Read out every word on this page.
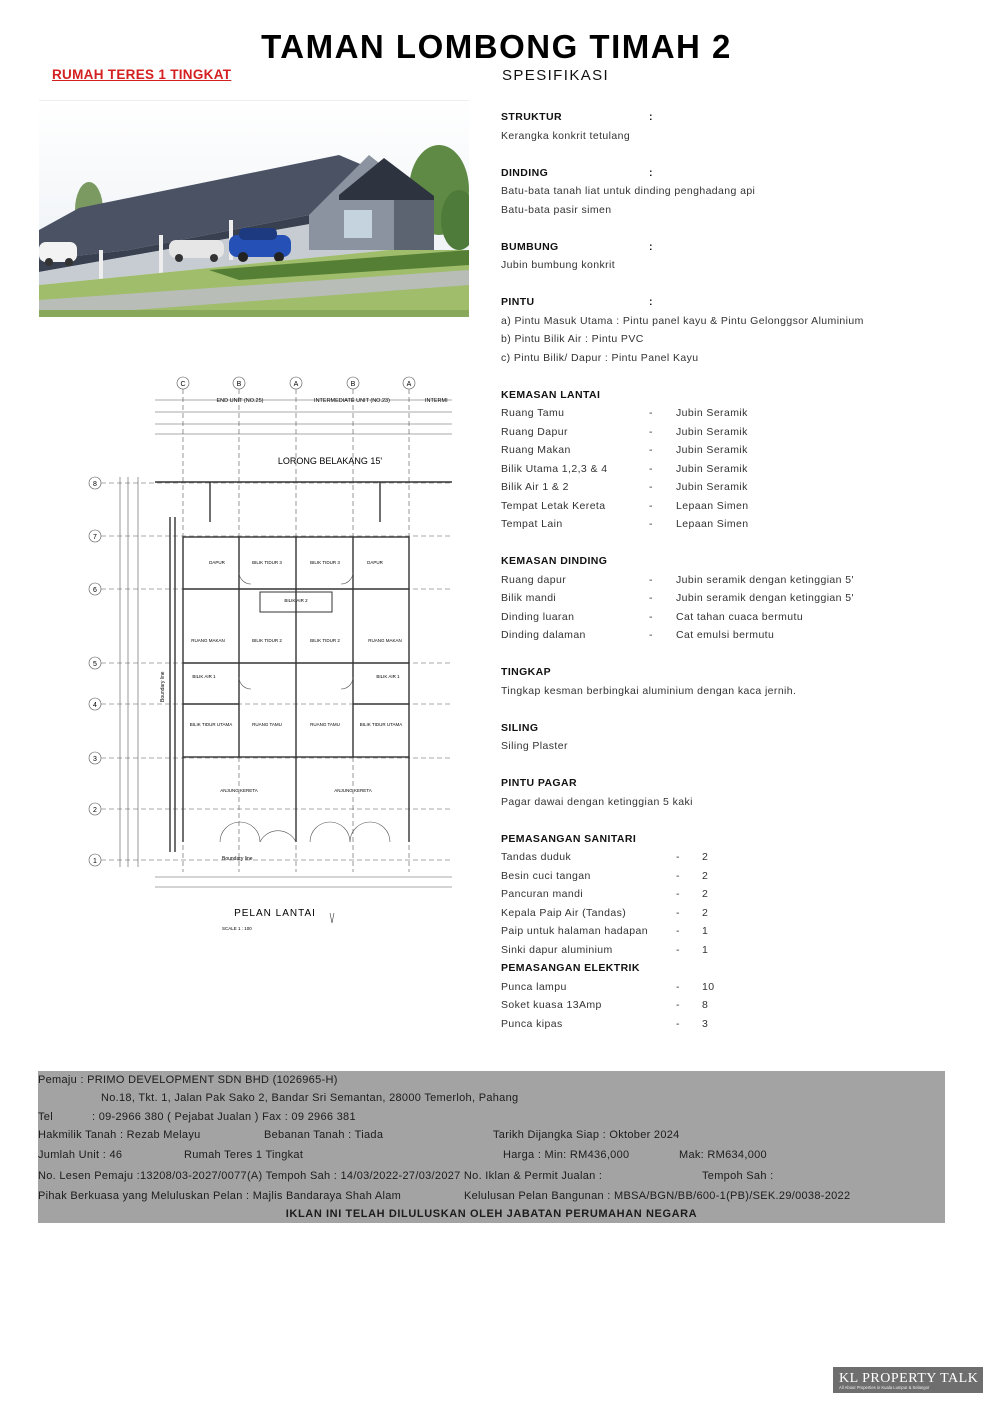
TAMAN LOMBONG TIMAH 2
RUMAH TERES 1 TINGKAT	SPESIFIKASI
C	B	A	B	A
8
7
6
5
4
3
2
1
END UNIT (NO.25)	INTERMEDIATE UNIT (NO.23)	INTERMI
LORONG BELAKANG 15'
DAPUR	BILIK TIDUR 3	BILIK TIDUR 3	DAPUR
BILIK AIR 2
RUANG MAKAN	BILIK TIDUR 2	BILIK TIDUR 2	RUANG MAKAN
BILIK AIR 1	BILIK AIR 1
BILIK TIDUR UTAMA	RUANG TAMU	RUANG TAMU	BILIK TIDUR UTAMA
ANJUNG KERETA	ANJUNG KERETA
Boundary line
Boundary line
PELAN LANTAI
SCALE 1 : 100
STRUKTUR	:
Kerangka konkrit tetulang
DINDING	:
Batu-bata tanah liat untuk dinding penghadang api
Batu-bata pasir simen
BUMBUNG	:
Jubin bumbung konkrit
PINTU	:
a) Pintu Masuk Utama : Pintu panel kayu & Pintu Gelonggsor Aluminium
b) Pintu Bilik Air : Pintu PVC
c) Pintu Bilik/ Dapur : Pintu Panel Kayu
KEMASAN LANTAI
Ruang Tamu	- Jubin Seramik
Ruang Dapur	- Jubin Seramik
Ruang Makan	- Jubin Seramik
Bilik Utama 1,2,3 & 4	- Jubin Seramik
Bilik Air 1 & 2	- Jubin Seramik
Tempat Letak Kereta	- Lepaan Simen
Tempat Lain	- Lepaan Simen
KEMASAN DINDING
Ruang dapur	- Jubin seramik dengan ketinggian 5'
Bilik mandi	- Jubin seramik dengan ketinggian 5'
Dinding luaran	- Cat tahan cuaca bermutu
Dinding dalaman	- Cat emulsi bermutu
TINGKAP
Tingkap kesman berbingkai aluminium dengan kaca jernih.
SILING
Siling Plaster
PINTU PAGAR
Pagar dawai dengan ketinggian 5 kaki
PEMASANGAN SANITARI
Tandas duduk	- 2
Besin cuci tangan	- 2
Pancuran mandi	- 2
Kepala Paip Air (Tandas)	- 2
Paip untuk halaman hadapan	- 1
Sinki dapur aluminium	- 1
PEMASANGAN ELEKTRIK
Punca lampu	- 10
Soket kuasa 13Amp	- 8
Punca kipas	- 3
Pemaju : PRIMO DEVELOPMENT SDN BHD (1026965-H)
No.18, Tkt. 1, Jalan Pak Sako 2, Bandar Sri Semantan, 28000 Temerloh, Pahang
Tel	: 09-2966 380 ( Pejabat Jualan ) Fax : 09 2966 381
Hakmilik Tanah : Rezab Melayu	Bebanan Tanah : Tiada	Tarikh Dijangka Siap : Oktober 2024
Jumlah Unit : 46	Rumah Teres 1 Tingkat	Harga : Min: RM436,000	Mak: RM634,000
No. Lesen Pemaju :13208/03-2027/0077(A) Tempoh Sah : 14/03/2022-27/03/2027 No. Iklan & Permit Jualan :	Tempoh Sah :
Pihak Berkuasa yang Meluluskan Pelan : Majlis Bandaraya Shah Alam	Kelulusan Pelan Bangunan : MBSA/BGN/BB/600-1(PB)/SEK.29/0038-2022
IKLAN INI TELAH DILULUSKAN OLEH JABATAN PERUMAHAN NEGARA
KL PROPERTY TALK
All About Properties in Kuala Lumpur & Selangor
